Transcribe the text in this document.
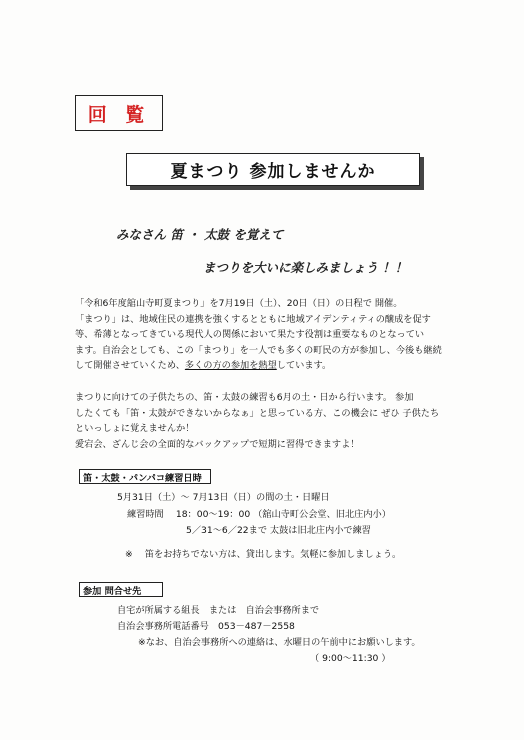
回 覧
夏まつり 参加しませんか
みなさん 笛 ・ 太鼓 を覚えて
まつりを大いに楽しみましょう ！！
「令和6年度舘山寺町夏まつり」を7月19日（土）、20日（日）の日程で 開催。
「まつり」は、地域住民の連携を強くするとともに地域アイデンティティの醸成を促す
等、希薄となってきている現代人の関係において果たす役割は重要なものとなってい
ます。自治会としても、この「まつり」を一人でも多くの町民の方が参加し、今後も継続
して開催させていくため、多くの方の参加を熱望しています。
まつりに向けての子供たちの、笛・太鼓の練習も6月の土・日から行います。 参加
したくても「笛・太鼓ができないからなぁ」と思っている方、この機会に ぜひ 子供たち
といっしょに覚えませんか！
愛宕会、ざんじ会の全面的なバックアップで短期に習得できますよ！
笛・太鼓・パンパコ練習日時
5月31日（土）～ 7月13日（日）の間の土・日曜日
練習時間　 18：00～19：00 （舘山寺町公会堂、旧北庄内小）
5／31～6／22まで 太鼓は旧北庄内小で練習
※　 笛をお持ちでない方は、貸出します。気軽に参加しましょう。
参加 問合せ先
自宅が所属する組長　または　自治会事務所まで
自治会事務所電話番号　053－487－2558
※なお、自治会事務所への連絡は、水曜日の午前中にお願いします。
（ 9:00～11:30 ）
